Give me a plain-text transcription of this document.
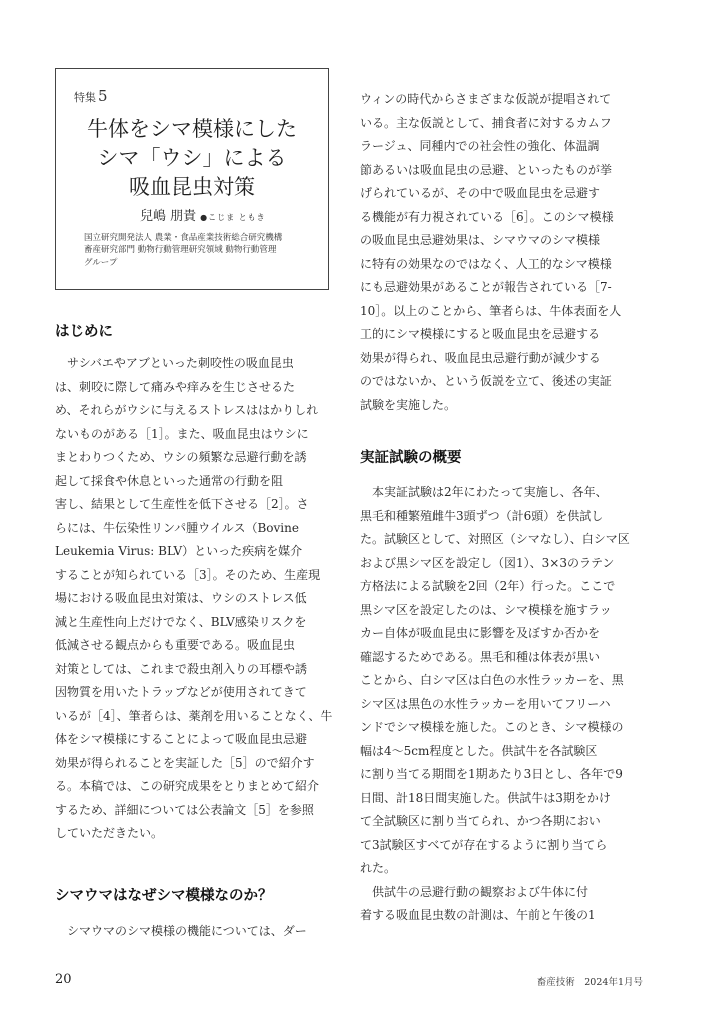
特集 5
牛体をシマ模様にした
シマ「ウシ」による
吸血昆虫対策
兒嶋 朋貴 ●こじま ともき
国立研究開発法人 農業・食品産業技術総合研究機構
畜産研究部門 動物行動管理研究領域 動物行動管理
グループ
はじめに
　サシバエやアブといった刺咬性の吸血昆虫
は、刺咬に際して痛みや痒みを生じさせるた
め、それらがウシに与えるストレスははかりしれ
ないものがある［1］。また、吸血昆虫はウシに
まとわりつくため、ウシの頻繁な忌避行動を誘
起して採食や休息といった通常の行動を阻
害し、結果として生産性を低下させる［2］。さ
らには、牛伝染性リンパ腫ウイルス（Bovine
Leukemia Virus: BLV）といった疾病を媒介
することが知られている［3］。そのため、生産現
場における吸血昆虫対策は、ウシのストレス低
減と生産性向上だけでなく、BLV感染リスクを
低減させる観点からも重要である。吸血昆虫
対策としては、これまで殺虫剤入りの耳標や誘
因物質を用いたトラップなどが使用されてきて
いるが［4］、筆者らは、薬剤を用いることなく、牛
体をシマ模様にすることによって吸血昆虫忌避
効果が得られることを実証した［5］ので紹介す
る。本稿では、この研究成果をとりまとめて紹介
するため、詳細については公表論文［5］を参照
していただきたい。
シマウマはなぜシマ模様なのか？
　シマウマのシマ模様の機能については、ダー
ウィンの時代からさまざまな仮説が提唱されて
いる。主な仮説として、捕食者に対するカムフ
ラージュ、同種内での社会性の強化、体温調
節あるいは吸血昆虫の忌避、といったものが挙
げられているが、その中で吸血昆虫を忌避す
る機能が有力視されている［6］。このシマ模様
の吸血昆虫忌避効果は、シマウマのシマ模様
に特有の効果なのではなく、人工的なシマ模様
にも忌避効果があることが報告されている［7-
10］。以上のことから、筆者らは、牛体表面を人
工的にシマ模様にすると吸血昆虫を忌避する
効果が得られ、吸血昆虫忌避行動が減少する
のではないか、という仮説を立て、後述の実証
試験を実施した。
実証試験の概要
　本実証試験は2年にわたって実施し、各年、
黒毛和種繁殖雌牛3頭ずつ（計6頭）を供試し
た。試験区として、対照区（シマなし）、白シマ区
および黒シマ区を設定し（図1）、3×3のラテン
方格法による試験を2回（2年）行った。ここで
黒シマ区を設定したのは、シマ模様を施すラッ
カー自体が吸血昆虫に影響を及ぼすか否かを
確認するためである。黒毛和種は体表が黒い
ことから、白シマ区は白色の水性ラッカーを、黒
シマ区は黒色の水性ラッカーを用いてフリーハ
ンドでシマ模様を施した。このとき、シマ模様の
幅は4～5cm程度とした。供試牛を各試験区
に割り当てる期間を1期あたり3日とし、各年で9
日間、計18日間実施した。供試牛は3期をかけ
て全試験区に割り当てられ、かつ各期におい
て3試験区すべてが存在するように割り当てら
れた。
　供試牛の忌避行動の観察および牛体に付
着する吸血昆虫数の計測は、午前と午後の1
20	畜産技術　2024年1月号
